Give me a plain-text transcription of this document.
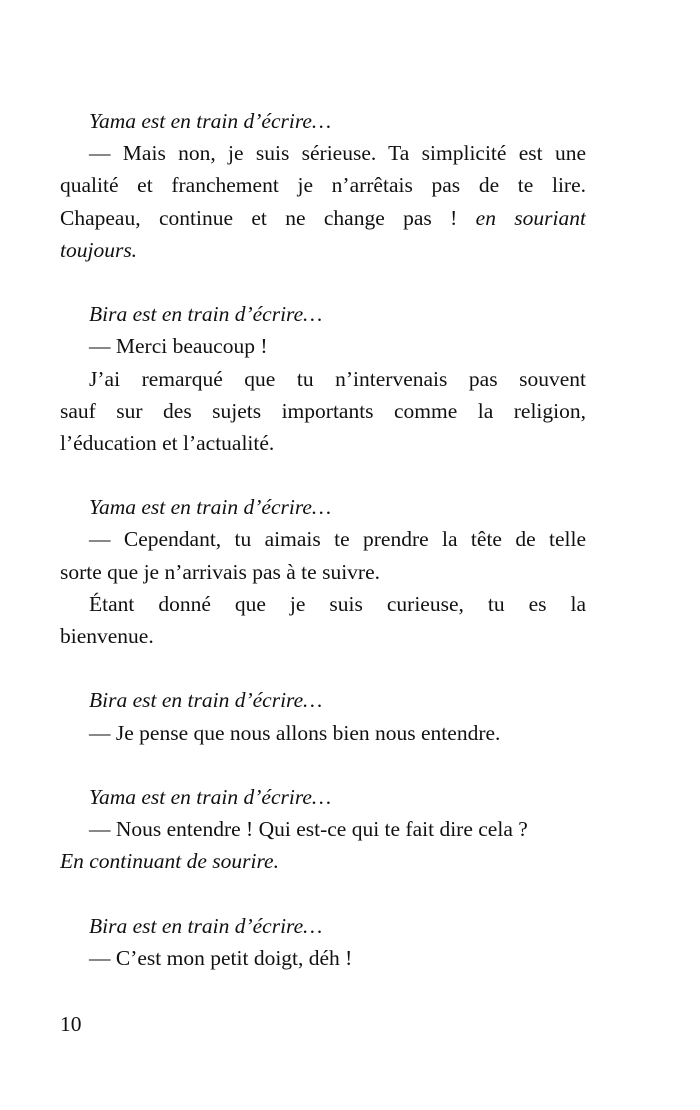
Yama est en train d’écrire…
— Mais non, je suis sérieuse. Ta simplicité est une
qualité et franchement je n’arrêtais pas de te lire.
Chapeau, continue et ne change pas ! en souriant
toujours.
Bira est en train d’écrire…
— Merci beaucoup !
J’ai remarqué que tu n’intervenais pas souvent
sauf sur des sujets importants comme la religion,
l’éducation et l’actualité.
Yama est en train d’écrire…
— Cependant, tu aimais te prendre la tête de telle
sorte que je n’arrivais pas à te suivre.
Étant donné que je suis curieuse, tu es la
bienvenue.
Bira est en train d’écrire…
— Je pense que nous allons bien nous entendre.
Yama est en train d’écrire…
— Nous entendre ! Qui est-ce qui te fait dire cela ?
En continuant de sourire.
Bira est en train d’écrire…
— C’est mon petit doigt, déh !
10
